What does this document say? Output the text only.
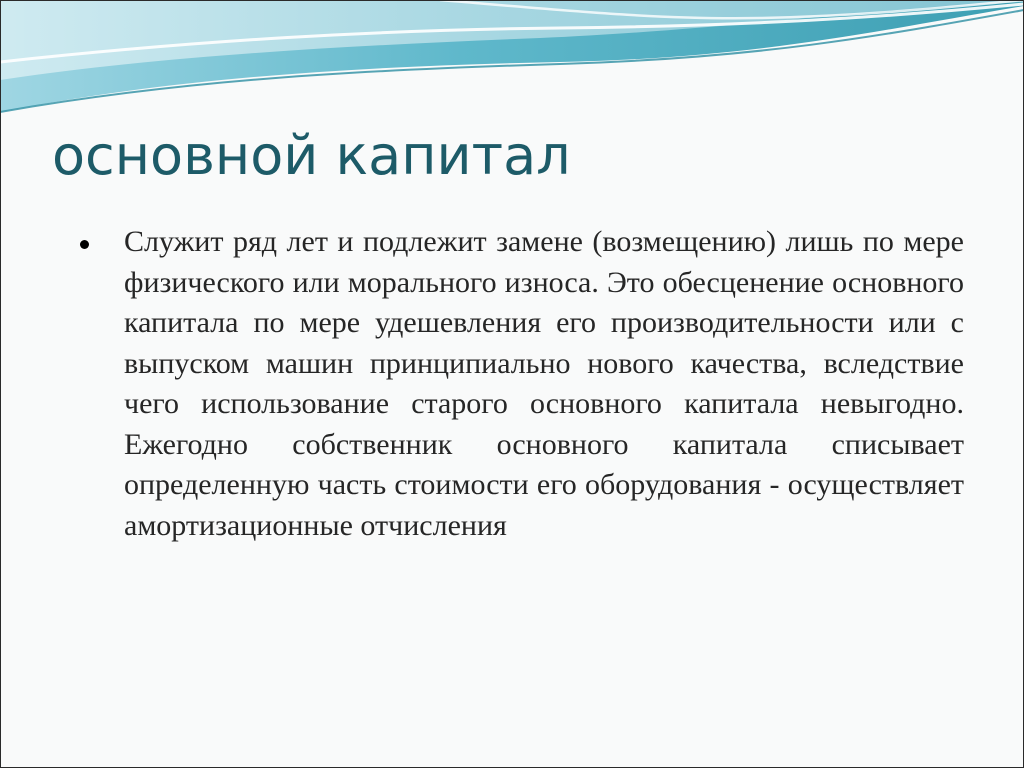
основной капитал
Служит ряд лет и подлежит замене (возмещению) лишь по мере физического или морального износа. Это обесценение основного капитала по мере удешевления его производительности или с выпуском машин принципиально нового качества, вследствие чего использование старого основного капитала невыгодно. Ежегодно собственник основного капитала списывает определенную часть стоимости его оборудования - осуществляет амортизационные отчисления
